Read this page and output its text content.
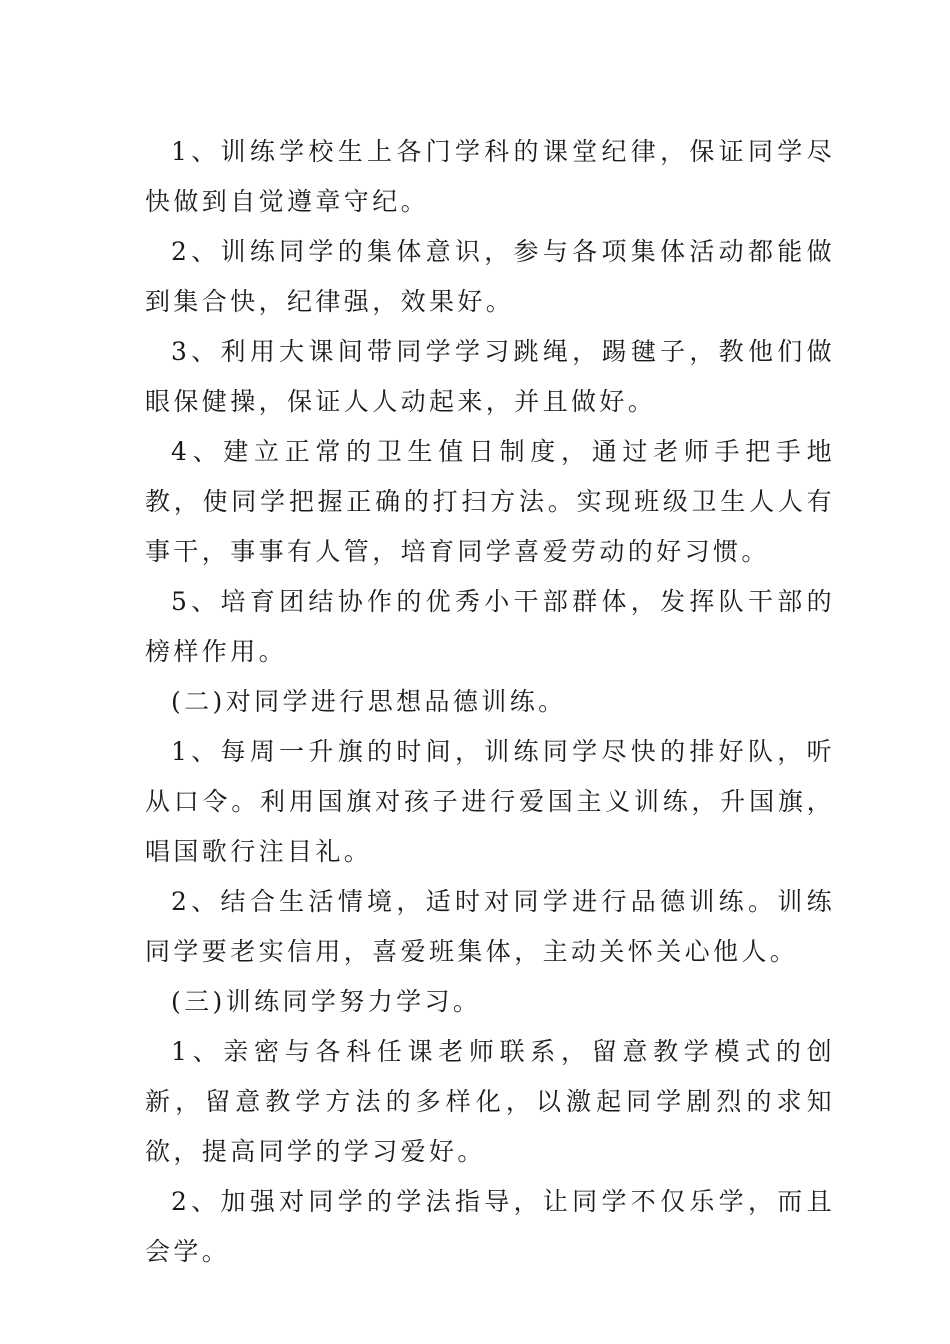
1、训练学校生上各门学科的课堂纪律，保证同学尽快做到自觉遵章守纪。

2、训练同学的集体意识，参与各项集体活动都能做到集合快，纪律强，效果好。

3、利用大课间带同学学习跳绳，踢毽子，教他们做眼保健操，保证人人动起来，并且做好。

4、建立正常的卫生值日制度，通过老师手把手地教，使同学把握正确的打扫方法。实现班级卫生人人有事干，事事有人管，培育同学喜爱劳动的好习惯。

5、培育团结协作的优秀小干部群体，发挥队干部的榜样作用。

(二)对同学进行思想品德训练。

1、每周一升旗的时间，训练同学尽快的排好队，听从口令。利用国旗对孩子进行爱国主义训练，升国旗，唱国歌行注目礼。

2、结合生活情境，适时对同学进行品德训练。训练同学要老实信用，喜爱班集体，主动关怀关心他人。

(三)训练同学努力学习。

1、亲密与各科任课老师联系，留意教学模式的创新，留意教学方法的多样化，以激起同学剧烈的求知欲，提高同学的学习爱好。

2、加强对同学的学法指导，让同学不仅乐学，而且会学。
